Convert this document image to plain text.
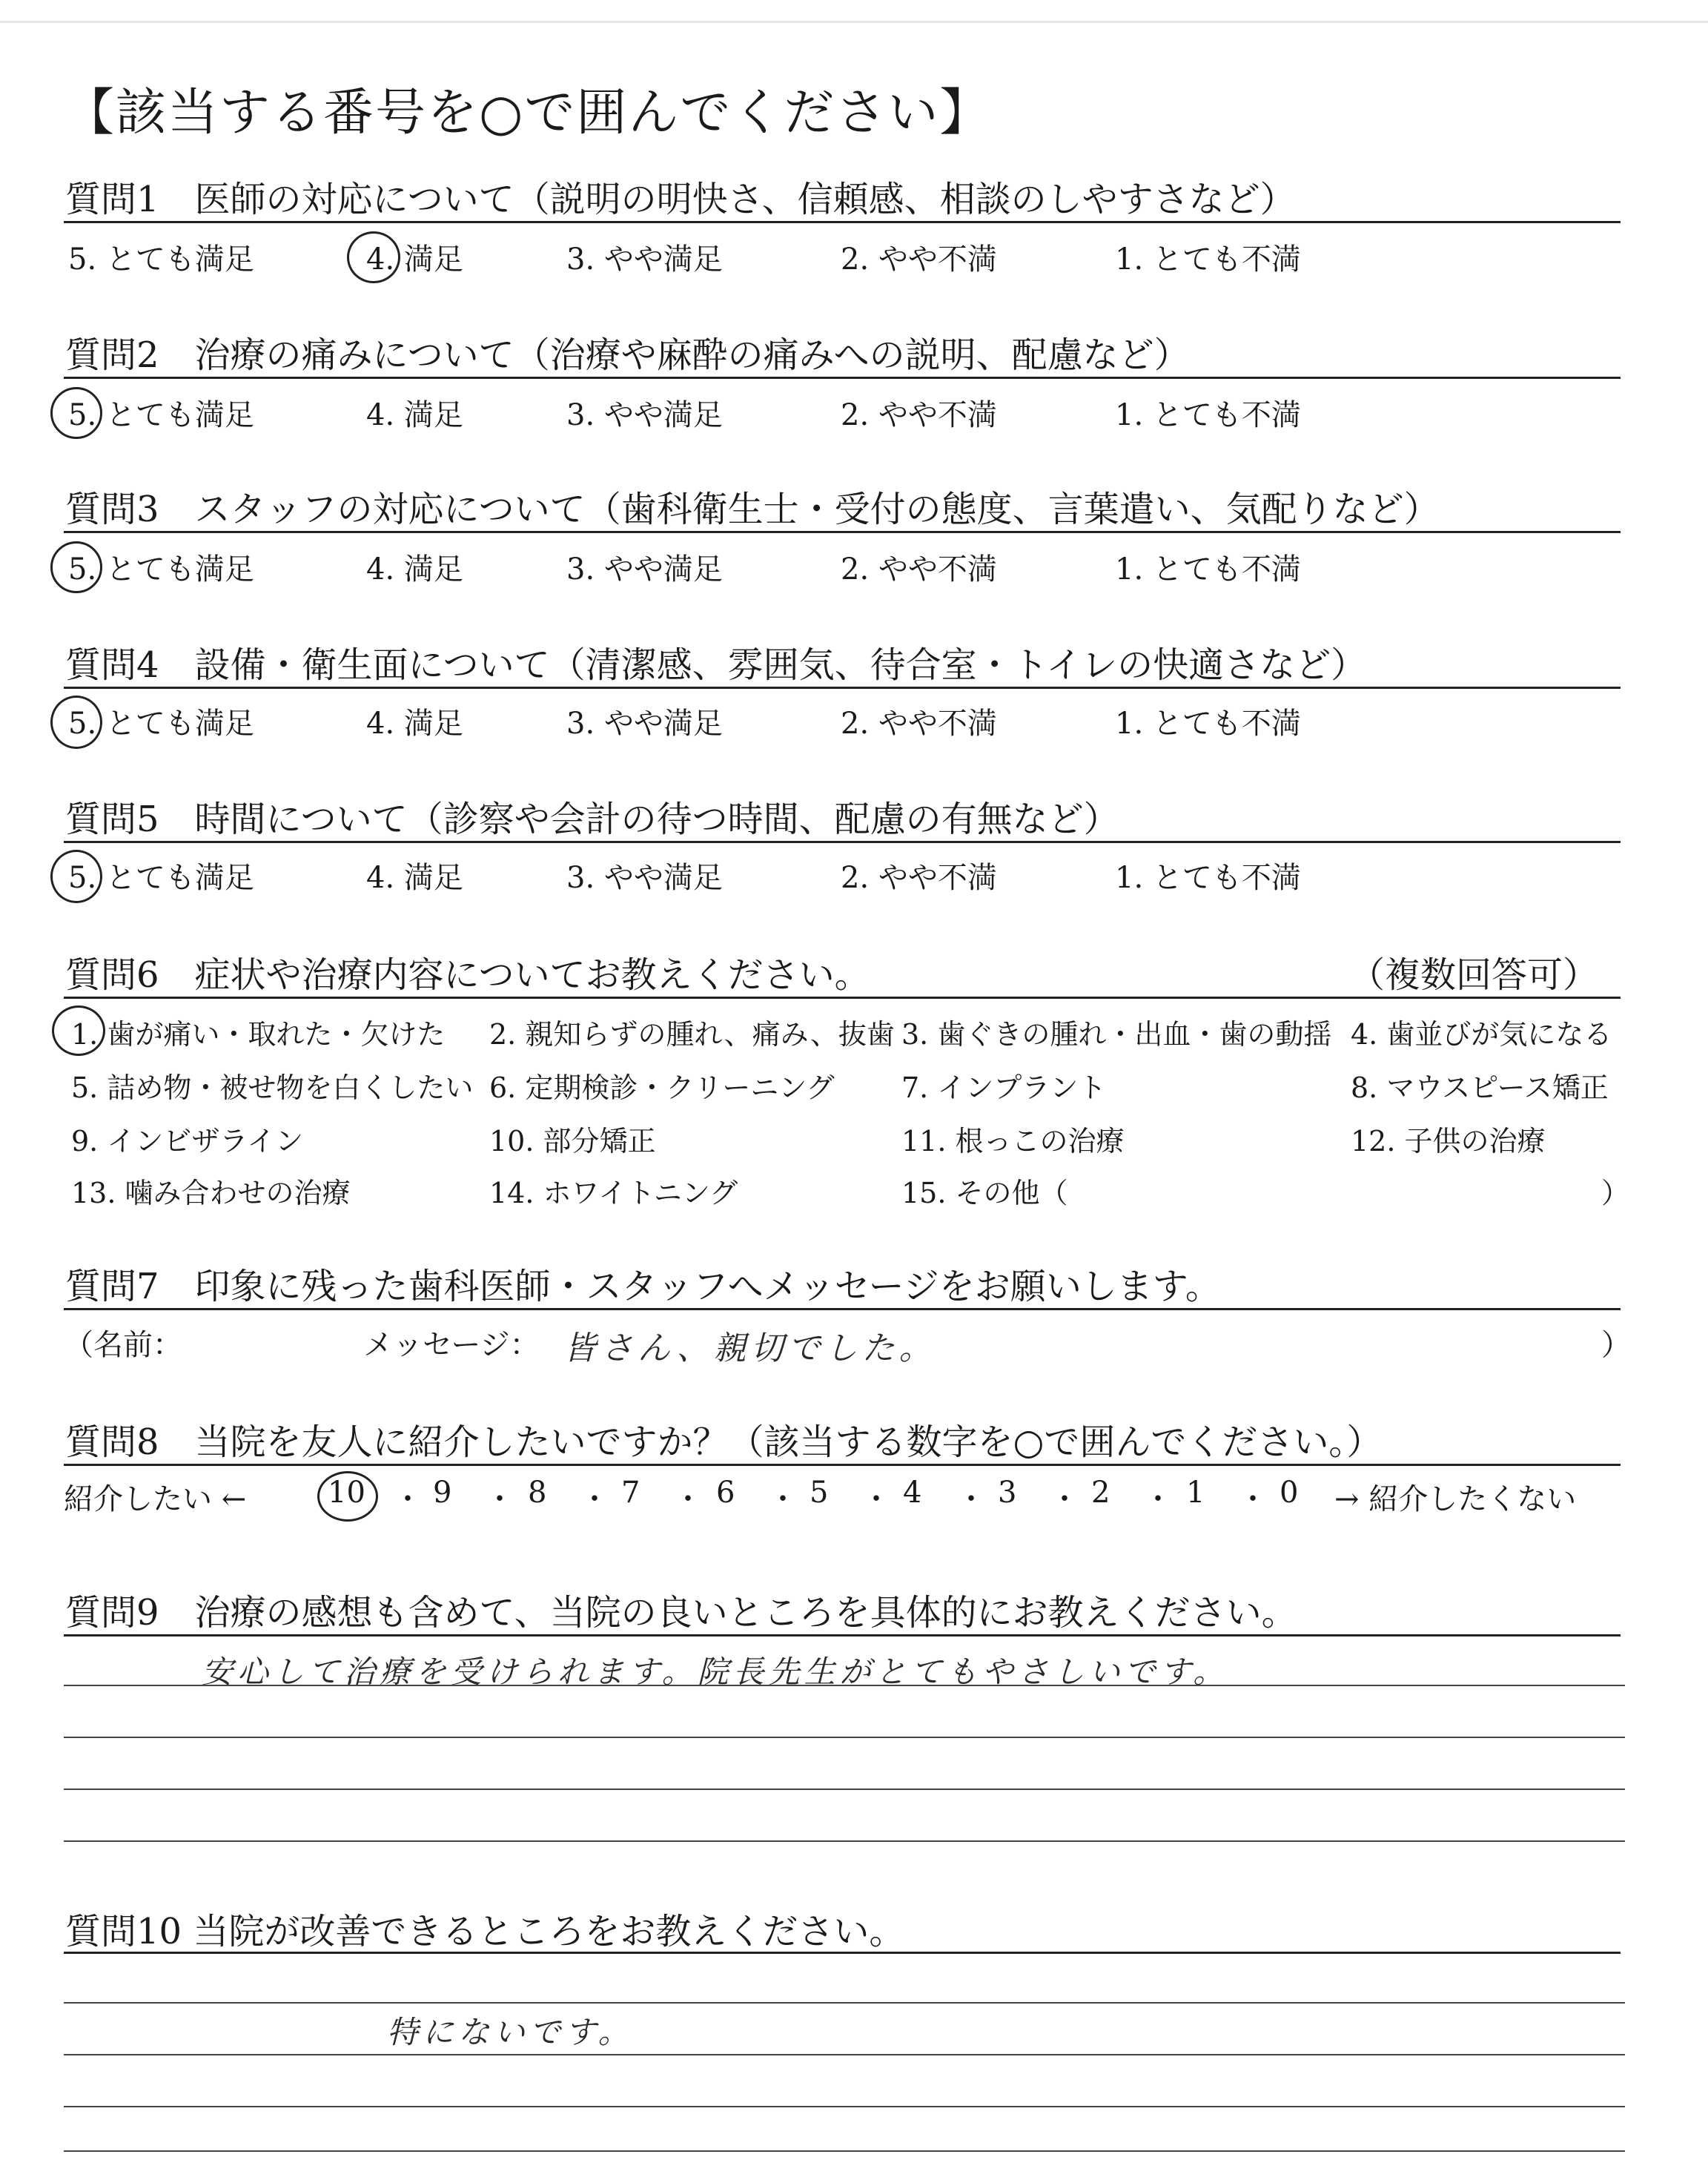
【該当する番号を○で囲んでください】
質問1　医師の対応について（説明の明快さ、信頼感、相談のしやすさなど）
5. とても満足	4. 満足	3. やや満足	2. やや不満	1. とても不満
質問2　治療の痛みについて（治療や麻酔の痛みへの説明、配慮など）
5. とても満足	4. 満足	3. やや満足	2. やや不満	1. とても不満
質問3　スタッフの対応について（歯科衛生士・受付の態度、言葉遣い、気配りなど）
5. とても満足	4. 満足	3. やや満足	2. やや不満	1. とても不満
質問4　設備・衛生面について（清潔感、雰囲気、待合室・トイレの快適さなど）
5. とても満足	4. 満足	3. やや満足	2. やや不満	1. とても不満
質問5　時間について（診察や会計の待つ時間、配慮の有無など）
5. とても満足	4. 満足	3. やや満足	2. やや不満	1. とても不満
質問6　症状や治療内容についてお教えください。	（複数回答可）
1. 歯が痛い・取れた・欠けた 2. 親知らずの腫れ、痛み、抜歯 3. 歯ぐきの腫れ・出血・歯の動揺 4. 歯並びが気になる
5. 詰め物・被せ物を白くしたい 6. 定期検診・クリーニング 7. インプラント	8. マウスピース矯正
9. インビザライン	10. 部分矯正	11. 根っこの治療	12. 子供の治療
13. 噛み合わせの治療	14. ホワイトニング	15. その他（	）
質問7　印象に残った歯科医師・スタッフへメッセージをお願いします。
（名前：	メッセージ： 皆さん、親切でした。	）
質問8　当院を友人に紹介したいですか？（該当する数字を○で囲んでください。）
紹介したい ←	10 ・ 9 ・ 8 ・ 7 ・ 6 ・ 5 ・ 4 ・ 3 ・ 2 ・ 1 ・ 0 → 紹介したくない
質問9　治療の感想も含めて、当院の良いところを具体的にお教えください。
安心して治療を受けられます。院長先生がとてもやさしいです。
質問10 当院が改善できるところをお教えください。
特にないです。
